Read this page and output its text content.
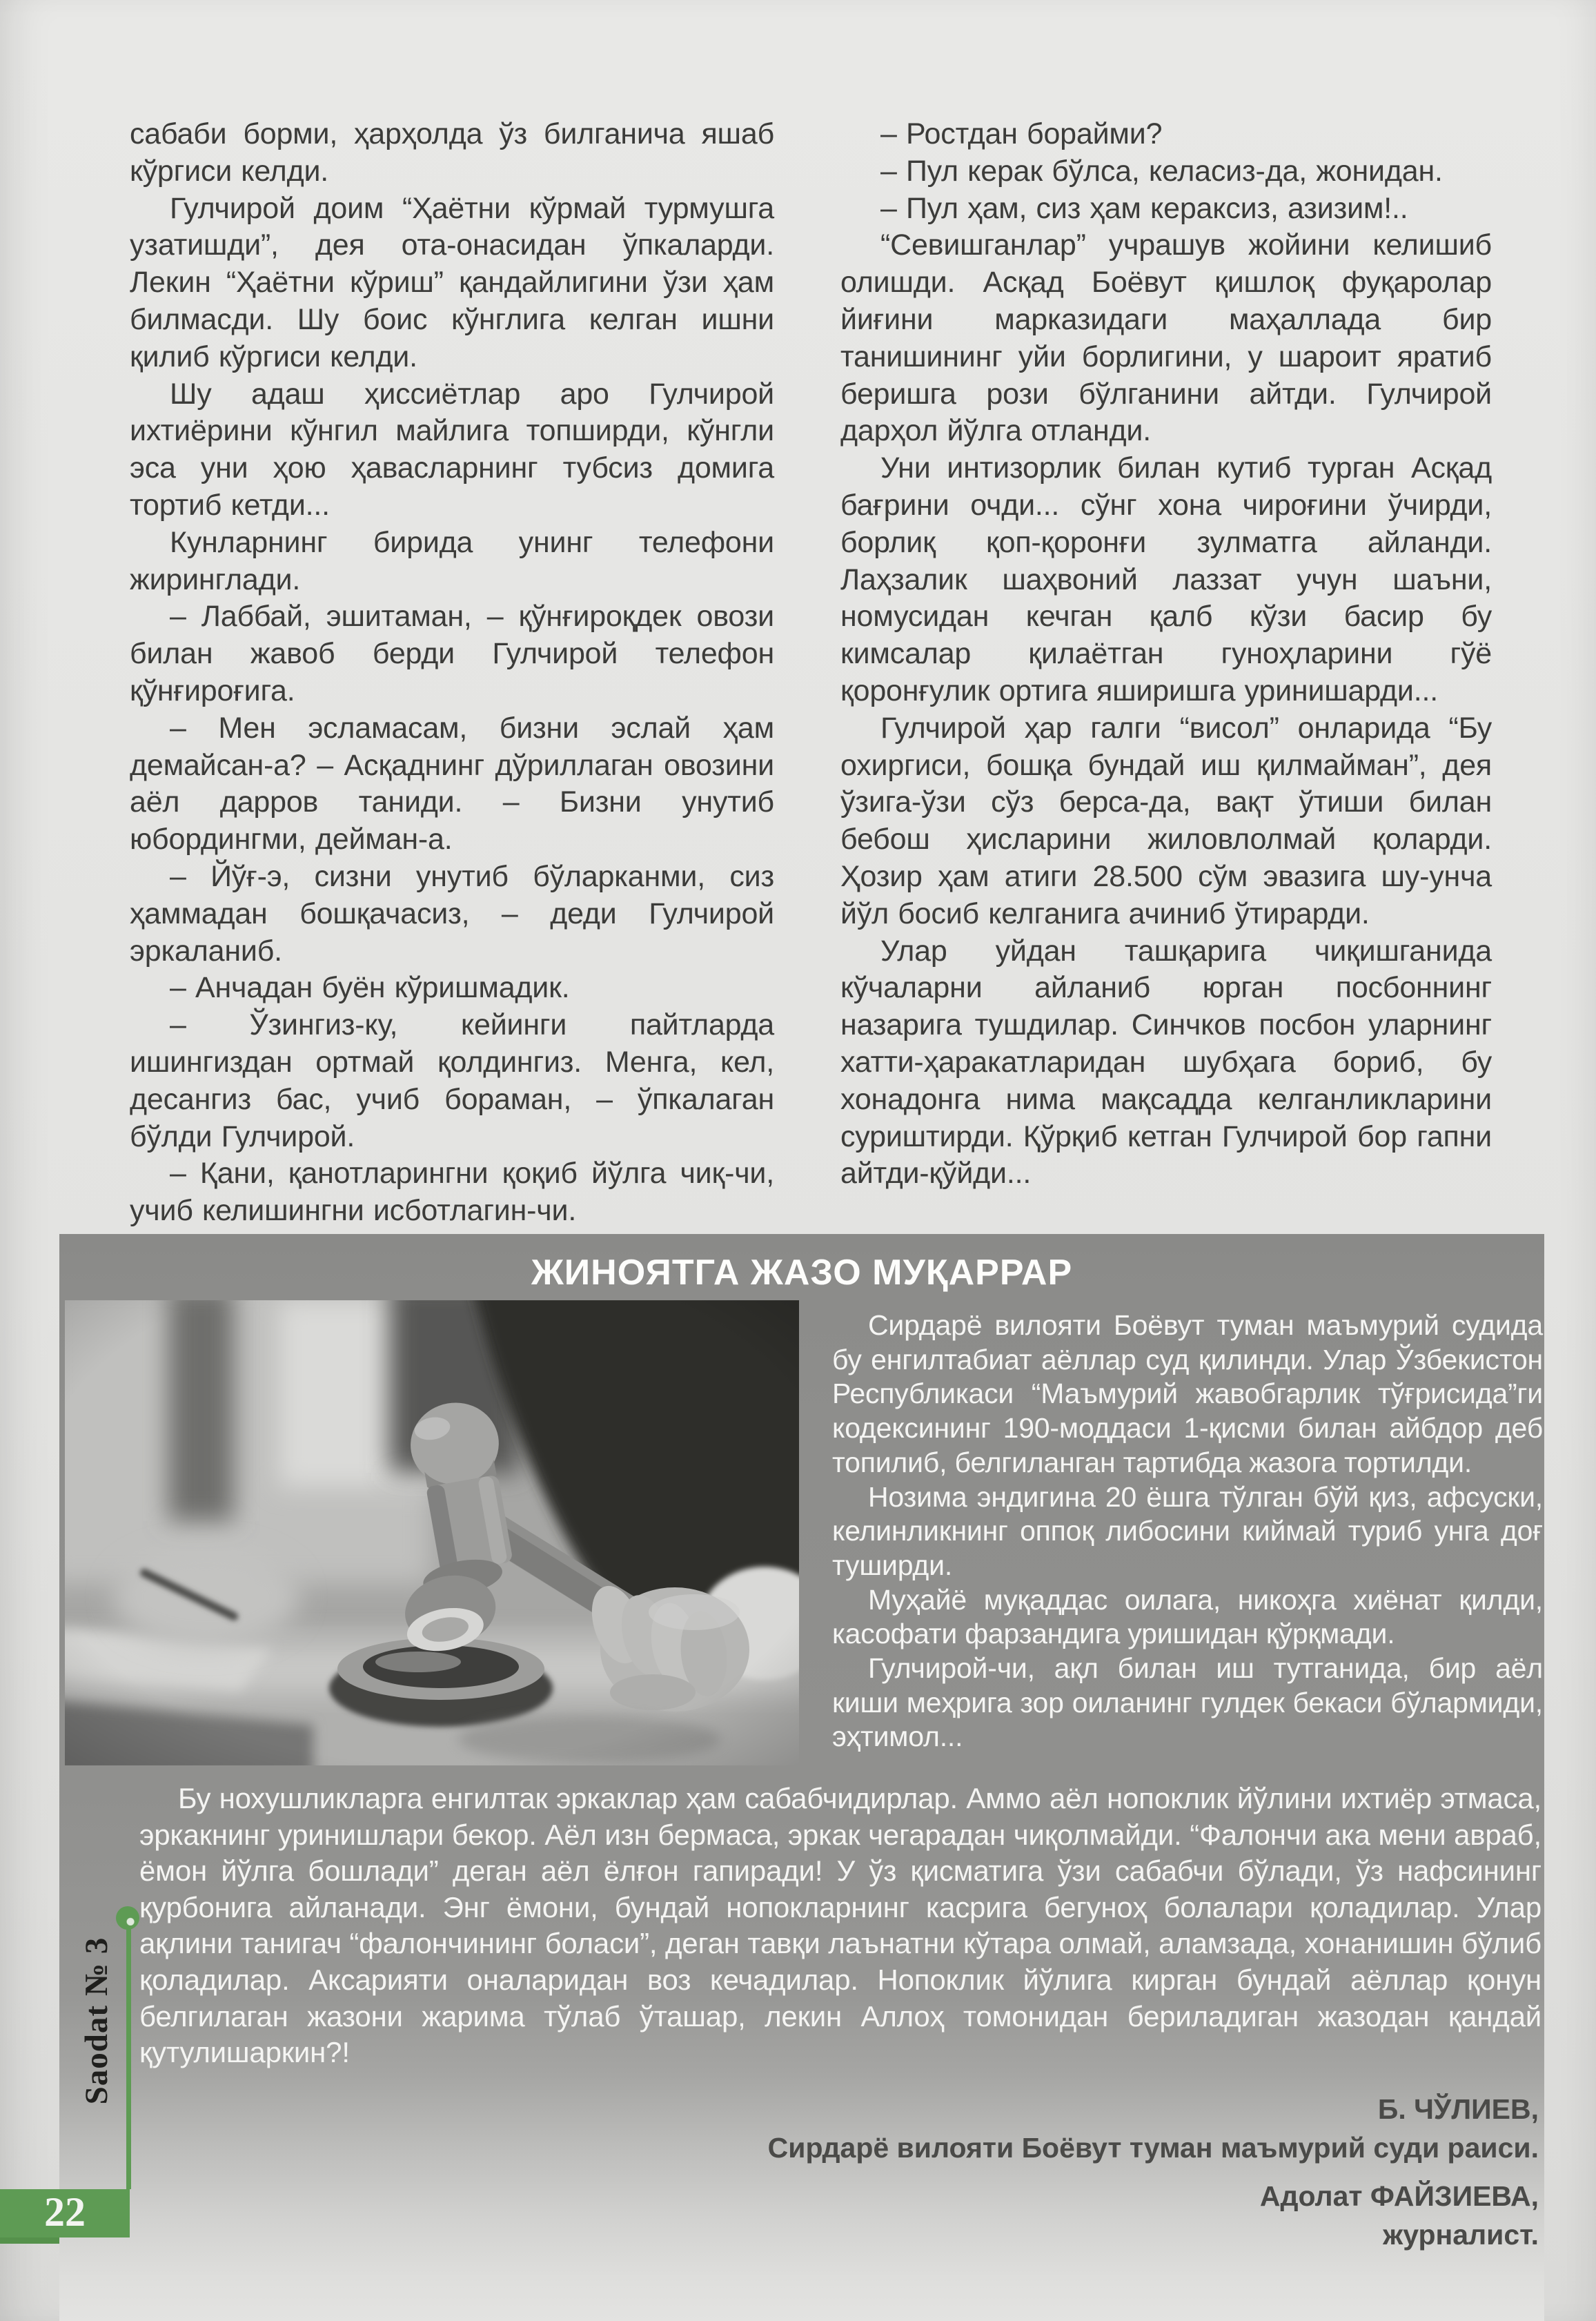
сабаби борми, ҳарҳолда ўз билганича яшаб кўргиси келди.

Гулчирой доим “Ҳаётни кўрмай турмушга узатишди”, дея ота-онасидан ўпкаларди. Лекин “Ҳаётни кўриш” қандайлигини ўзи ҳам билмасди. Шу боис кўнглига келган ишни қилиб кўргиси келди.

Шу адаш ҳиссиётлар аро Гулчирой ихтиёрини кўнгил майлига топширди, кўнгли эса уни ҳою ҳавасларнинг тубсиз домига тортиб кетди...

Кунларнинг бирида унинг телефони жиринглади.

– Лаббай, эшитаман, – қўнғироқдек овози билан жавоб берди Гулчирой телефон қўнғироғига.

– Мен эсламасам, бизни эслай ҳам демайсан-а? – Асқаднинг дўриллаган овозини аёл дарров таниди. – Бизни унутиб юбордингми, дейман-а.

– Йўғ-э, сизни унутиб бўларканми, сиз ҳаммадан бошқачасиз, – деди Гулчирой эркаланиб.

– Анчадан буён кўришмадик.

– Ўзингиз-ку, кейинги пайтларда ишингиздан ортмай қолдингиз. Менга, кел, десангиз бас, учиб бораман, – ўпкалаган бўлди Гулчирой.

– Қани, қанотларингни қоқиб йўлга чиқ-чи, учиб келишингни исботлагин-чи.

– Ростдан борайми?

– Пул керак бўлса, келасиз-да, жонидан.

– Пул ҳам, сиз ҳам кераксиз, азизим!..

“Севишганлар” учрашув жойини келишиб олишди. Асқад Боёвут қишлоқ фуқаролар йиғини марказидаги маҳаллада бир танишининг уйи борлигини, у шароит яратиб беришга рози бўлганини айтди. Гулчирой дарҳол йўлга отланди.

Уни интизорлик билан кутиб турган Асқад бағрини очди... сўнг хона чироғини ўчирди, борлиқ қоп-қоронғи зулматга айланди. Лаҳзалик шаҳвоний лаззат учун шаъни, номусидан кечган қалб кўзи басир бу кимсалар қилаётган гуноҳларини гўё қоронғулик ортига яширишга уринишарди...

Гулчирой ҳар галги “висол” онларида “Бу охиргиси, бошқа бундай иш қилмайман”, дея ўзига-ўзи сўз берса-да, вақт ўтиши билан бебош ҳисларини жиловлолмай қоларди. Ҳозир ҳам атиги 28.500 сўм эвазига шу-унча йўл босиб келганига ачиниб ўтирарди.

Улар уйдан ташқарига чиқишганида кўчаларни айланиб юрган посбоннинг назарига тушдилар. Синчков посбон уларнинг хатти-ҳаракатларидан шубҳага бориб, бу хонадонга нима мақсадда келганликларини суриштирди. Қўрқиб кетган Гулчирой бор гапни айтди-қўйди...

ЖИНОЯТГА ЖАЗО МУҚАРРАР

Сирдарё вилояти Боёвут туман маъмурий судида бу енгилтабиат аёллар суд қилинди. Улар Ўзбекистон Республикаси “Маъмурий жавобгарлик тўғрисида”ги кодексининг 190-моддаси 1-қисми билан айбдор деб топилиб, белгиланган тартибда жазога тортилди.

Нозима эндигина 20 ёшга тўлган бўй қиз, афсуски, келинликнинг оппоқ либосини киймай туриб унга доғ туширди.

Муҳайё муқаддас оилага, никоҳга хиёнат қилди, касофати фарзандига уришидан қўрқмади.

Гулчирой-чи, ақл билан иш тутганида, бир аёл киши меҳрига зор оиланинг гулдек бекаси бўлармиди, эҳтимол...

Бу нохушликларга енгилтак эркаклар ҳам сабабчидирлар. Аммо аёл нопоклик йўлини ихтиёр этмаса, эркакнинг уринишлари бекор. Аёл изн бермаса, эркак чегарадан чиқолмайди. “Фалончи ака мени авраб, ёмон йўлга бошлади” деган аёл ёлғон гапиради! У ўз қисматига ўзи сабабчи бўлади, ўз нафсининг қурбонига айланади. Энг ёмони, бундай нопокларнинг касрига бегуноҳ болалари қоладилар. Улар ақлини танигач “фалончининг боласи”, деган тавқи лаънатни кўтара олмай, аламзада, хонанишин бўлиб қоладилар. Аксарияти оналаридан воз кечадилар. Нопоклик йўлига кирган бундай аёллар қонун белгилаган жазони жарима тўлаб ўташар, лекин Аллоҳ томонидан бериладиган жазодан қандай қутулишаркин?!

Б. ЧЎЛИЕВ,
Сирдарё вилояти Боёвут туман маъмурий суди раиси.
Адолат ФАЙЗИЕВА,
журналист.
Saodat № 3
22
